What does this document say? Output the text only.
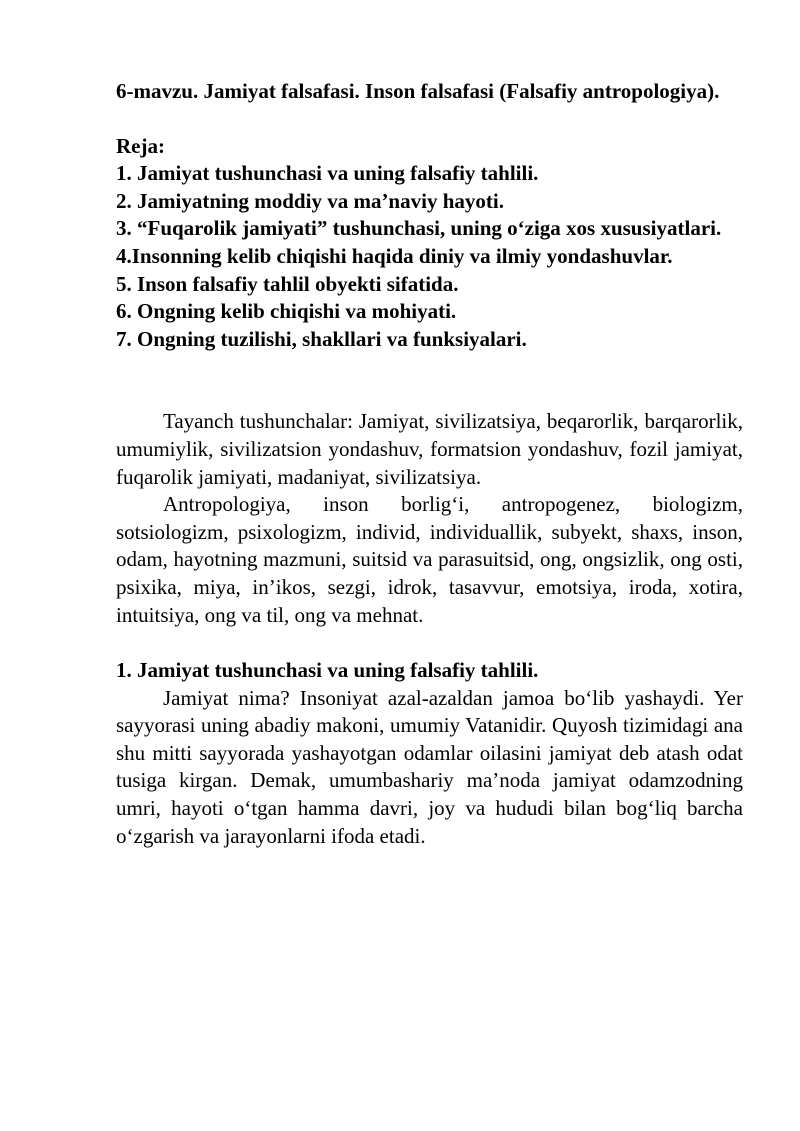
6-mavzu. Jamiyat falsafasi. Inson falsafasi (Falsafiy antropologiya).

Reja:

1. Jamiyat tushunchasi va uning falsafiy tahlili.
2. Jamiyatning moddiy va ma’naviy hayoti.
3. “Fuqarolik jamiyati” tushunchasi, uning o‘ziga xos xususiyatlari.
4.Insonning kelib chiqishi haqida diniy va ilmiy yondashuvlar.
5. Inson falsafiy tahlil obyekti sifatida.
6. Ongning kelib chiqishi va mohiyati.
7. Ongning tuzilishi, shakllari va funksiyalari.

Tayanch tushunchalar: Jamiyat, sivilizatsiya, beqarorlik, barqarorlik, umumiylik, sivilizatsion yondashuv, formatsion yondashuv, fozil jamiyat, fuqarolik jamiyati, madaniyat, sivilizatsiya.

Antropologiya, inson borlig‘i, antropogenez, biologizm, sotsiologizm, psixologizm, individ, individuallik, subyekt, shaxs, inson, odam, hayotning mazmuni, suitsid va parasuitsid, ong, ongsizlik, ong osti, psixika, miya, in’ikos, sezgi, idrok, tasavvur, emotsiya, iroda, xotira, intuitsiya, ong va til, ong va mehnat.

1. Jamiyat tushunchasi va uning falsafiy tahlili.

Jamiyat nima? Insoniyat azal-azaldan jamoa bo‘lib yashaydi. Yer sayyorasi uning abadiy makoni, umumiy Vatanidir. Quyosh tizimidagi ana shu mitti sayyorada yashayotgan odamlar oilasini jamiyat deb atash odat tusiga kirgan. Demak, umumbashariy ma’noda jamiyat odamzodning umri, hayoti o‘tgan hamma davri, joy va hududi bilan bog‘liq barcha o‘zgarish va jarayonlarni ifoda etadi.
